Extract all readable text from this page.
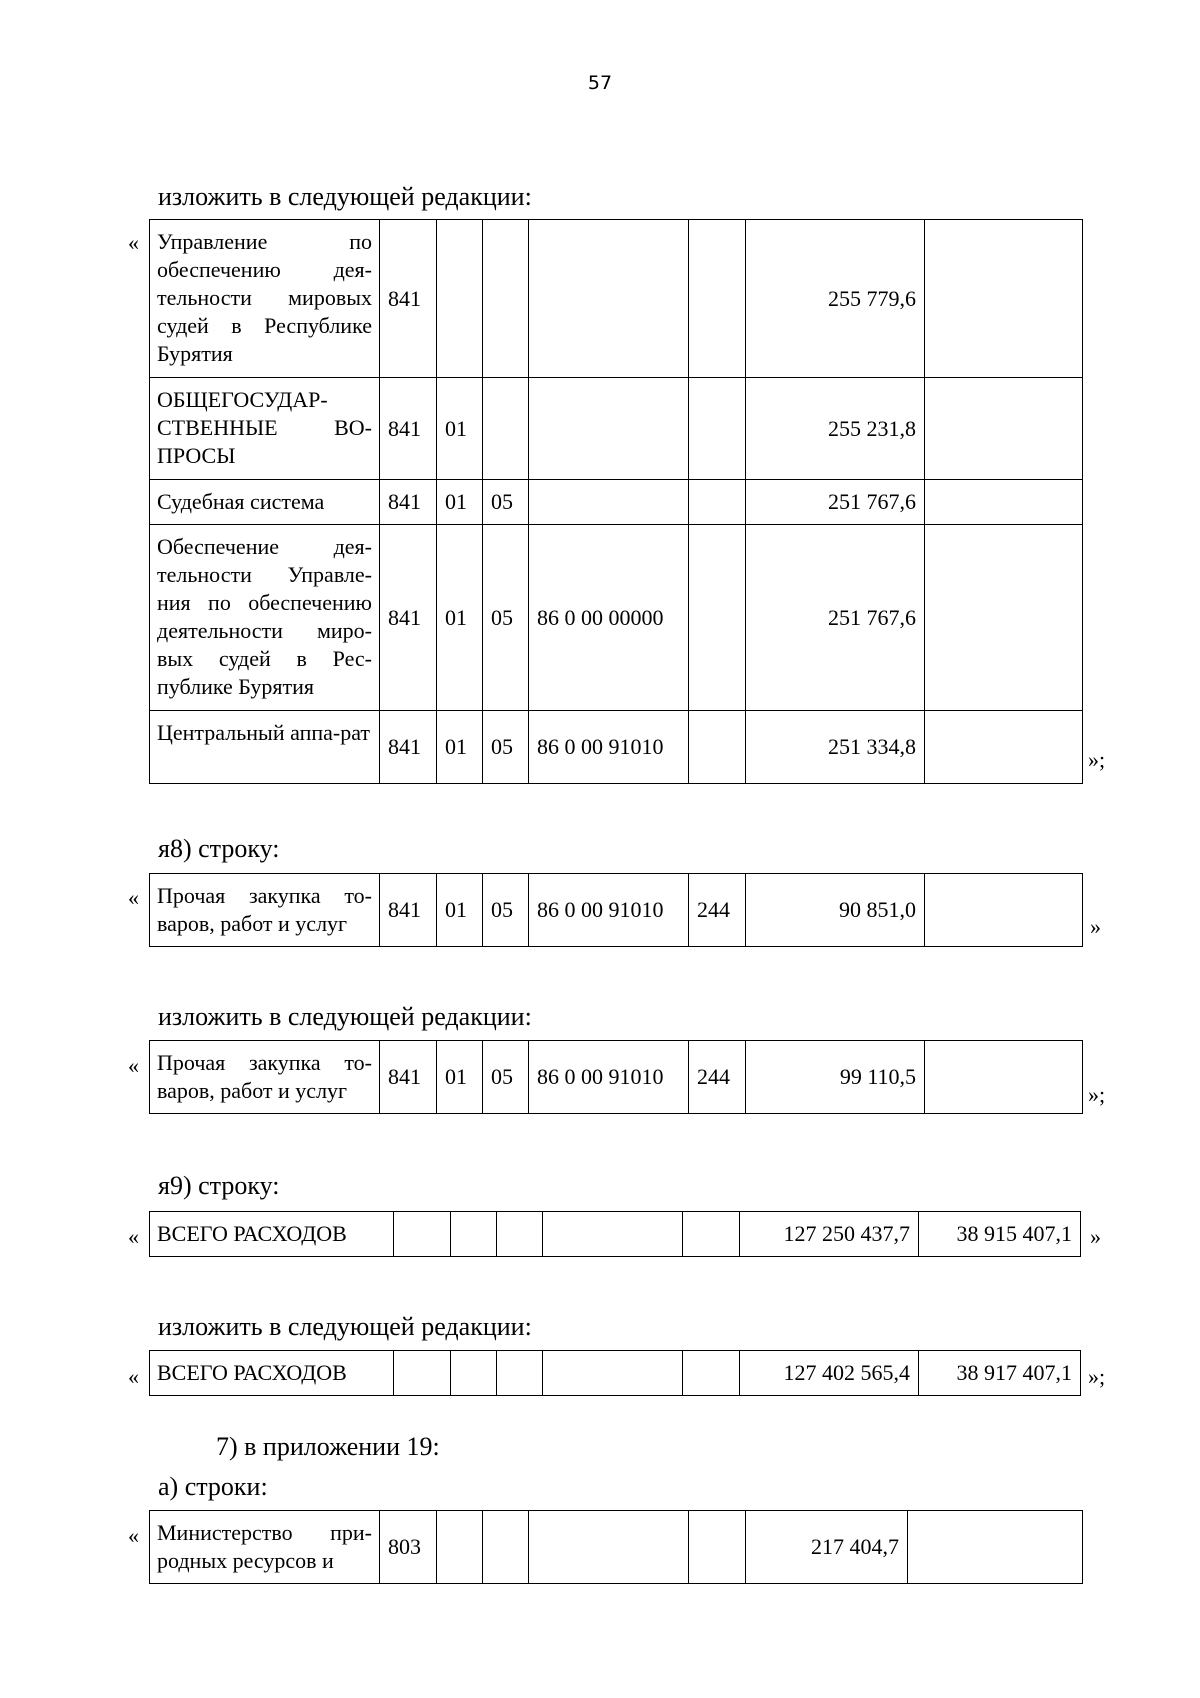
57
изложить в следующей редакции:
« Управление по обеспечению дея-тельности мировых судей в Республике Бурятия	841					255 779,6	
ОБЩЕГОСУДАР-СТВЕННЫЕ ВО-ПРОСЫ	841	01				255 231,8	
Судебная система	841	01	05			251 767,6	
Обеспечение дея-тельности Управле-ния по обеспечению деятельности миро-вых судей в Рес-публике Бурятия	841	01	05	86 0 00 00000		251 767,6	
Центральный аппа-рат	841	01	05	86 0 00 91010		251 334,8	
»;
я8) строку:
« Прочая закупка то-варов, работ и услуг	841	01	05	86 0 00 91010	244	90 851,0	
»
изложить в следующей редакции:
« Прочая закупка то-варов, работ и услуг	841	01	05	86 0 00 91010	244	99 110,5	
»;
я9) строку:
« ВСЕГО РАСХОДОВ						127 250 437,7	38 915 407,1 »
изложить в следующей редакции:
« ВСЕГО РАСХОДОВ						127 402 565,4	38 917 407,1 »;
7) в приложении 19:
а) строки:
« Министерство при-родных ресурсов и	803					217 404,7	
